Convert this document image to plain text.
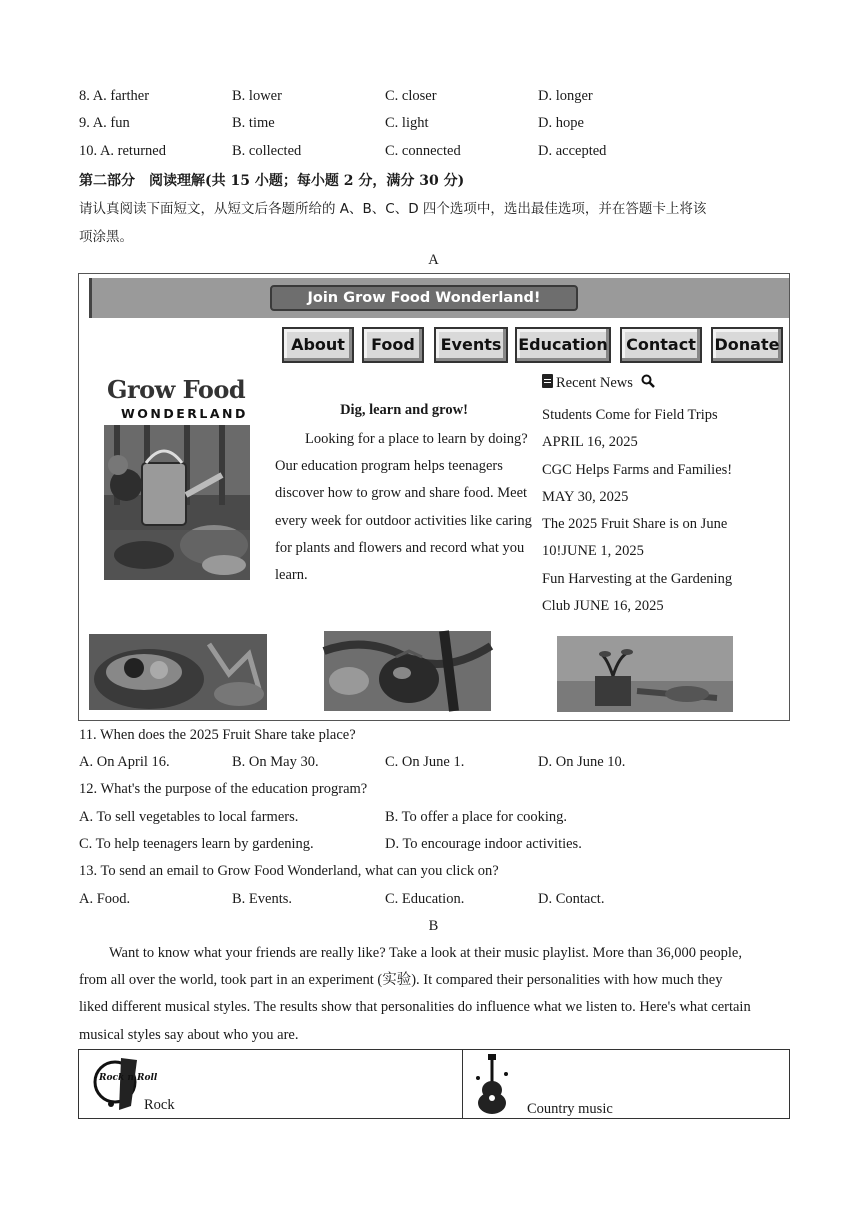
8. A. farther	B. lower	C. closer	D. longer
9. A. fun	B. time	C. light	D. hope
10. A. returned	B. collected	C. connected	D. accepted
第二部分　阅读理解(共 15 小题；每小题 2 分，满分 30 分)
请认真阅读下面短文，从短文后各题所给的 A、B、C、D 四个选项中，选出最佳选项，并在答题卡上将该
项涂黑。
A
Join Grow Food Wonderland!
About	Food	Events	Education	Contact	Donate
Grow Food
WONDERLAND	Dig, learn and grow!

Looking for a place to learn by doing? Our education program helps teenagers discover how to grow and share food. Meet every week for outdoor activities like caring for plants and flowers and record what you learn.

Recent News
Students Come for Field Trips
APRIL 16, 2025
CGC Helps Farms and Families!
MAY 30, 2025
The 2025 Fruit Share is on June
10!JUNE 1, 2025
Fun Harvesting at the Gardening
Club JUNE 16, 2025
11. When does the 2025 Fruit Share take place?
A. On April 16.	B. On May 30.	C. On June 1.	D. On June 10.
12. What's the purpose of the education program?
A. To sell vegetables to local farmers.	B. To offer a place for cooking.
C. To help teenagers learn by gardening.	D. To encourage indoor activities.
13. To send an email to Grow Food Wonderland, what can you click on?
A. Food.	B. Events.	C. Education.	D. Contact.
B
Want to know what your friends are really like? Take a look at their music playlist. More than 36,000 people,
from all over the world, took part in an experiment (实验). It compared their personalities with how much they
liked different musical styles. The results show that personalities do influence what we listen to. Here's what certain
musical styles say about who you are.
Rock n Roll
Rock	Country music
